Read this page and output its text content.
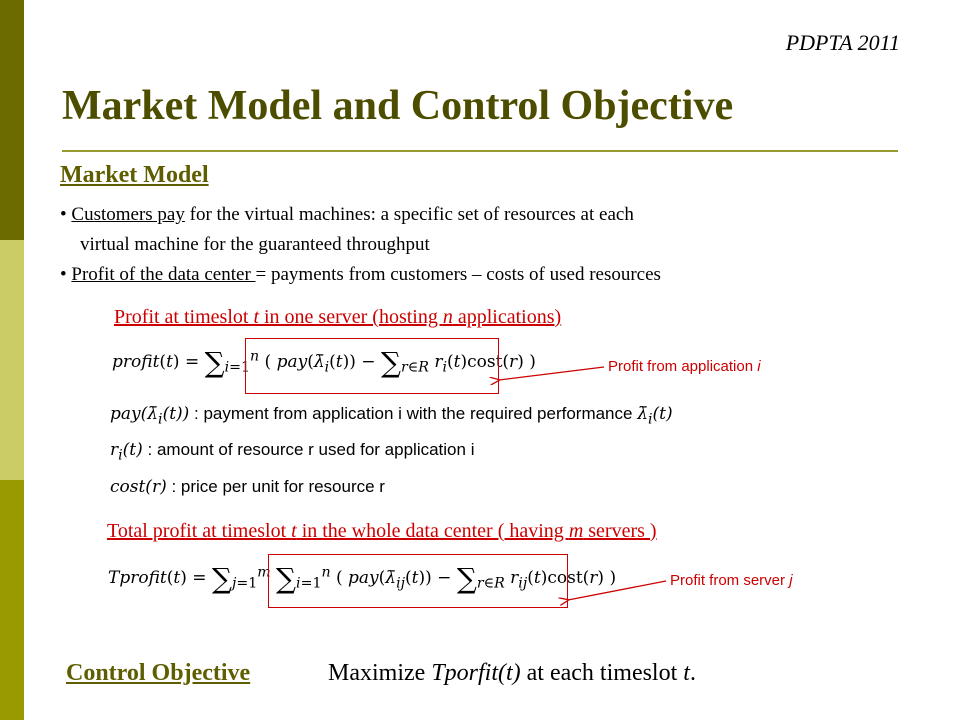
PDPTA 2011
Market Model and Control Objective
Market Model
• Customers pay for the virtual machines: a specific set of resources at each
virtual machine for the guaranteed throughput
• Profit of the data center = payments from customers – costs of used resources
Profit at timeslot t in one server (hosting n applications)
profit(t) = $\sum_{i=1}^n$ ( $pay(\lambdā_i(t)) - \sum_{r\in R}$ $r_i(t)\cos t(r)$ )	Profit from application i
$pay(\lambdā_i(t))$ : payment from application i with the required performance $\lambdā_i(t)$
$r_i(t)$ : amount of resource r used for application i
cost(r) : price per unit for resource r
Total profit at timeslot t in the whole data center ( having m servers )
Tprofit(t) = $\sum_{j=1}^m$ $\sum_{i=1}^n$ ( $pay(\lambdā_{ij}(t)) - \sum_{r\in R}$ $r_{ij}(t)\cos t(r)$ )	Profit from server j
Control Objective	Maximize Tporfit(t) at each timeslot t.
